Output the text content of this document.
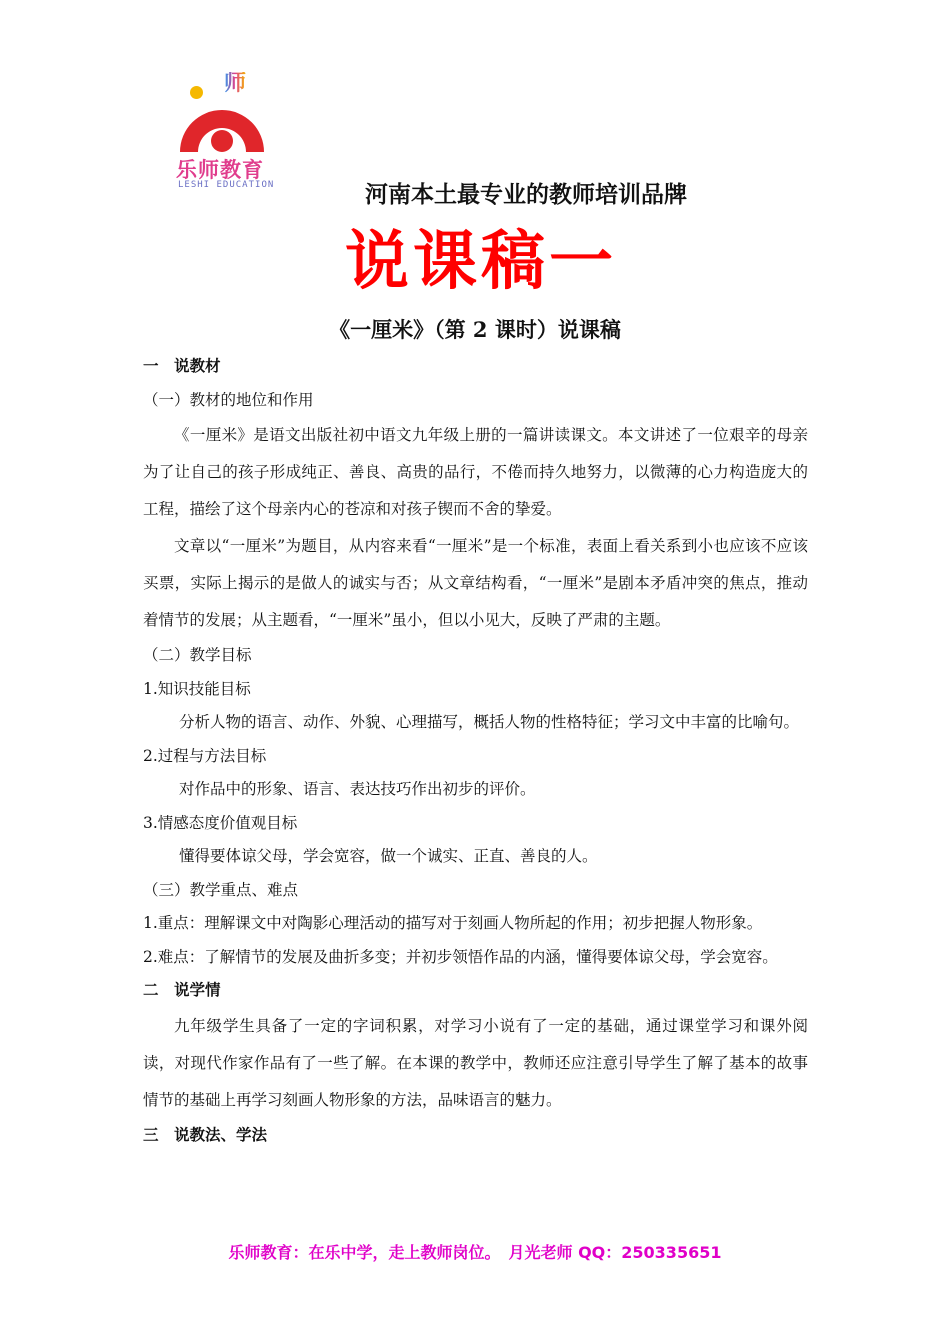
师
乐师教育
LESHI EDUCATION	河南本土最专业的教师培训品牌
说课稿一
《一厘米》（第 2 课时）说课稿
一　说教材
（一）教材的地位和作用

《一厘米》是语文出版社初中语文九年级上册的一篇讲读课文。本文讲述了一位艰辛的母亲为了让自己的孩子形成纯正、善良、高贵的品行，不倦而持久地努力，以微薄的心力构造庞大的工程，描绘了这个母亲内心的苍凉和对孩子锲而不舍的挚爱。

文章以“一厘米”为题目，从内容来看“一厘米”是一个标准，表面上看关系到小也应该不应该买票，实际上揭示的是做人的诚实与否；从文章结构看，“一厘米”是剧本矛盾冲突的焦点，推动着情节的发展；从主题看，“一厘米”虽小，但以小见大，反映了严肃的主题。

（二）教学目标
1.知识技能目标
分析人物的语言、动作、外貌、心理描写，概括人物的性格特征；学习文中丰富的比喻句。
2.过程与方法目标
对作品中的形象、语言、表达技巧作出初步的评价。
3.情感态度价值观目标
懂得要体谅父母，学会宽容，做一个诚实、正直、善良的人。
（三）教学重点、难点
1.重点：理解课文中对陶影心理活动的描写对于刻画人物所起的作用；初步把握人物形象。
2.难点：了解情节的发展及曲折多变；并初步领悟作品的内涵，懂得要体谅父母，学会宽容。
二　说学情

九年级学生具备了一定的字词积累，对学习小说有了一定的基础，通过课堂学习和课外阅读，对现代作家作品有了一些了解。在本课的教学中，教师还应注意引导学生了解了基本的故事情节的基础上再学习刻画人物形象的方法，品味语言的魅力。

三　说教法、学法
乐师教育：在乐中学，走上教师岗位。　月光老师 QQ：250335651
